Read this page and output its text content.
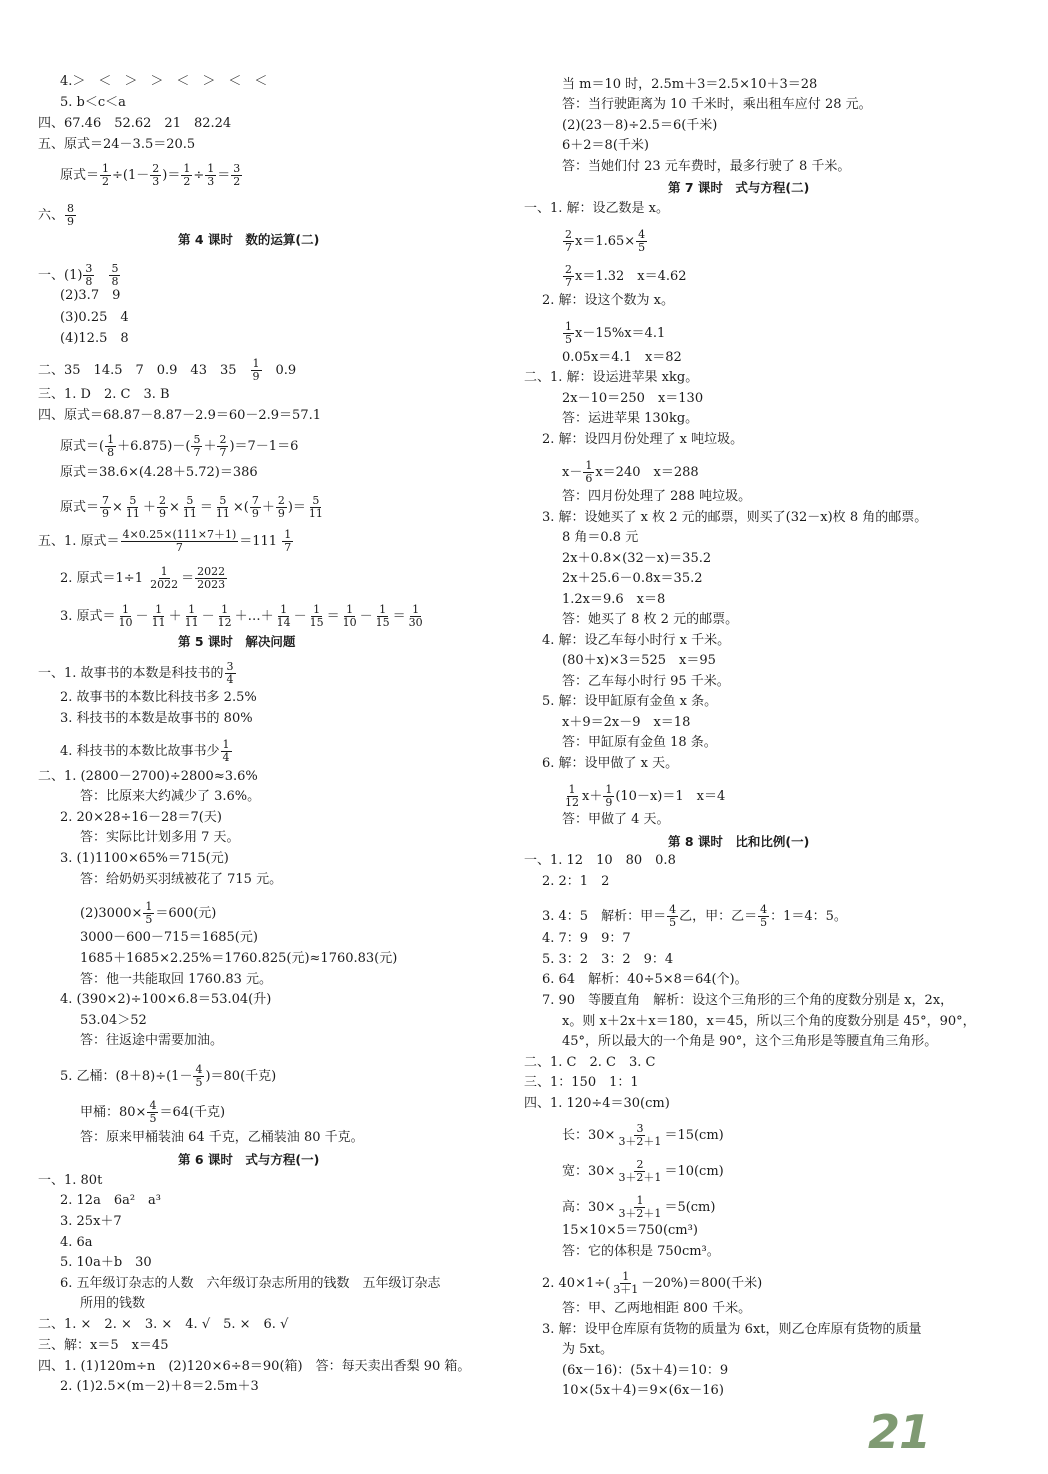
4.＞　＜　＞　＞　＜　＞　＜　＜
5. b＜c＜a
四、67.46　52.62　21　82.24
五、原式＝24－3.5＝20.5
原式＝ $\frac{1}{2} \div(1- \frac{2}{3}$ )＝ $\frac{1}{2} \div \frac{1}{3} = \frac{3}{2}$
六、 $\frac{8}{9}$
第 4 课时　数的运算(二)
一、$(1) \frac{3}{8}$
　 $\frac{5}{8}$
(2)3.7　9
(3)0.25　4
(4)12.5　8
二、35　14.5　7　0.9　43　35　 $\frac{1}{9}$ 　0.9
三、1. D　2. C　3. B
四、原式＝68.87－8.87－2.9＝60－2.9＝57.1
原式＝( $\frac{1}{8} +6.875)-( \frac{5}{7} + \frac{2}{7} )=7-1=6$
原式＝38.6×(4.28＋5.72)＝386
原式＝ $\frac{7}{9} \times \frac{5}{11} + \frac{2}{9} \times \frac{5}{11} = \frac{5}{11}$ ×( $\frac{7}{9} + \frac{2}{9}$ )＝ $\frac{5}{11}$
五、1. 原式＝ $\frac{4\times 0.25\times(111\times 7+1)}{7} =111 \frac{1}{7}$
2. 原式$=1\div 1 \frac{1}{2022} = \frac{2022}{2023}$
3. 原式＝ $\frac{1}{10} - \frac{1}{11} + \frac{1}{11} - \frac{1}{12}$ ＋…＋ $\frac{1}{14} - \frac{1}{15} = \frac{1}{10} - \frac{1}{15} = \frac{1}{30}$
第 5 课时　解决问题
一、1. 故事书的本数是科技书的 $\frac{3}{4}$
2. 故事书的本数比科技书多 2.5%
3. 科技书的本数是故事书的 80%
4. 科技书的本数比故事书少 $\frac{1}{4}$
二、1. (2800－2700)÷2800≈3.6%
答：比原来大约减少了 3.6%。
2. 20×28÷16－28＝7(天)
答：实际比计划多用 7 天。
3. (1)1100×65%＝715(元)
答：给奶奶买羽绒被花了 715 元。
$(2)3000\times \frac{1}{5} =600$(元)
3000－600－715＝1685(元)
1685＋1685×2.25%＝1760.825(元)≈1760.83(元)
答：他一共能取回 1760.83 元。
4. (390×2)÷100×6.8＝53.04(升)
53.04＞52
答：往返途中需要加油。
5. 乙桶：$(8+8)\div(1- \frac{4}{5} )=80$(千克)
甲桶：$80\times \frac{4}{5} =64$(千克)
答：原来甲桶装油 64 千克，乙桶装油 80 千克。
第 6 课时　式与方程(一)
一、1. 80t
2. 12a　6a²　a³
3. 25x＋7
4. 6a
5. 10a＋b　30
6. 五年级订杂志的人数　六年级订杂志所用的钱数　五年级订杂志
所用的钱数
二、1. ×　2. ×　3. ×　4. √　5. ×　6. √
三、解：x＝5　x＝45
四、1. (1)120m÷n　(2)120×6÷8＝90(箱)　答：每天卖出香梨 90 箱。
2. (1)2.5×(m－2)＋8＝2.5m＋3
当 m＝10 时，2.5m＋3＝2.5×10＋3＝28
答：当行驶距离为 10 千米时，乘出租车应付 28 元。
(2)(23－8)÷2.5＝6(千米)
6＋2＝8(千米)
答：当她们付 23 元车费时，最多行驶了 8 千米。
第 7 课时　式与方程(二)
一、1. 解：设乙数是 x。
$\frac{2}{7} x=1.65\times \frac{4}{5}$
$\frac{2}{7} x=1.32$　x＝4.62
2. 解：设这个数为 x。
$\frac{1}{5} x-15\%x=4.1$
0.05x＝4.1　x＝82
二、1. 解：设运进苹果 xkg。
2x－10＝250　x＝130
答：运进苹果 130kg。
2. 解：设四月份处理了 x 吨垃圾。
$x- \frac{1}{6} x=240$　x＝288
答：四月份处理了 288 吨垃圾。
3. 解：设她买了 x 枚 2 元的邮票，则买了(32－x)枚 8 角的邮票。
8 角＝0.8 元
2x＋0.8×(32－x)＝35.2
2x＋25.6－0.8x＝35.2
1.2x＝9.6　x＝8
答：她买了 8 枚 2 元的邮票。
4. 解：设乙车每小时行 x 千米。
(80＋x)×3＝525　x＝95
答：乙车每小时行 95 千米。
5. 解：设甲缸原有金鱼 x 条。
x＋9＝2x－9　x＝18
答：甲缸原有金鱼 18 条。
6. 解：设甲做了 x 天。
$\frac{1}{12} x+ \frac{1}{9} (10-x)=1$　x＝4
答：甲做了 4 天。
第 8 课时　比和比例(一)
一、1. 12　10　80　0.8
2. 2：1　2
3. 4：5　解析：甲＝ $\frac{4}{5}$ 乙，甲：乙＝ $\frac{4}{5}$ ：1＝4：5。
4. 7：9　9：7
5. 3：2　3：2　9：4
6. 64　解析：40÷5×8＝64(个)。
7. 90　等腰直角　解析：设这个三角形的三个角的度数分别是 x，2x，
x。则 x＋2x＋x＝180，x＝45，所以三个角的度数分别是 45°，90°，
45°，所以最大的一个角是 90°，这个三角形是等腰直角三角形。
二、1. C　2. C　3. C
三、1：150　1：1
四、1. 120÷4＝30(cm)
长：$30\times \frac{3}{3+2+1} =15(cm)$
宽：$30\times \frac{2}{3+2+1} =10(cm)$
高：$30\times \frac{1}{3+2+1} =5(cm)$
15×10×5＝750(cm³)
答：它的体积是 750cm³。
2. $40\times 1\div( \frac{1}{3+1} -20\%)=800$(千米)
答：甲、乙两地相距 800 千米。
3. 解：设甲仓库原有货物的质量为 6xt，则乙仓库原有货物的质量
为 5xt。
(6x－16)：(5x＋4)＝10：9
10×(5x＋4)＝9×(6x－16)
21
